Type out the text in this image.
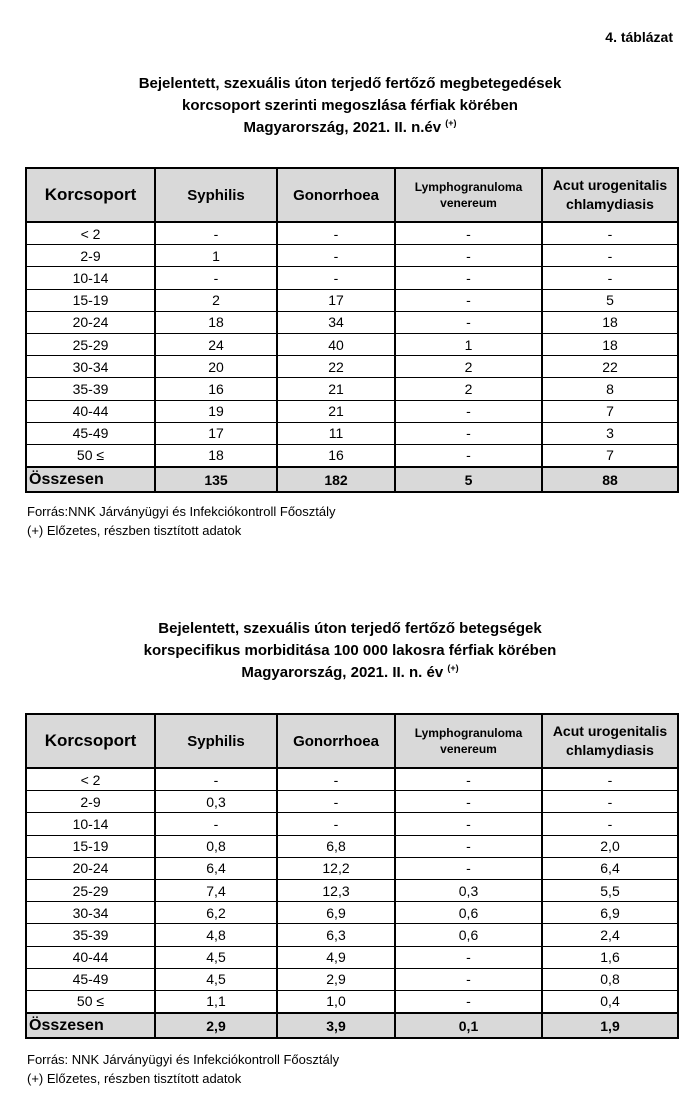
4. táblázat
Bejelentett, szexuális úton terjedő fertőző megbetegedések
korcsoport szerinti megoszlása férfiak körében
Magyarország, 2021. II. n.év (+)
Korcsoport	Syphilis	Gonorrhoea	Lymphogranuloma
venereum	Acut urogenitalis
chlamydiasis
< 2	-	-	-	-
2-9	1	-	-	-
10-14	-	-	-	-
15-19	2	17	-	5
20-24	18	34	-	18
25-29	24	40	1	18
30-34	20	22	2	22
35-39	16	21	2	8
40-44	19	21	-	7
45-49	17	11	-	3
50 ≤	18	16	-	7
Összesen	135	182	5	88
Forrás:NNK Járványügyi és Infekciókontroll Főosztály
(+) Előzetes, részben tisztított adatok
Bejelentett, szexuális úton terjedő fertőző betegségek
korspecifikus morbiditása 100 000 lakosra férfiak körében
Magyarország, 2021. II. n. év (+)
Korcsoport	Syphilis	Gonorrhoea	Lymphogranuloma
venereum	Acut urogenitalis
chlamydiasis
< 2	-	-	-	-
2-9	0,3	-	-	-
10-14	-	-	-	-
15-19	0,8	6,8	-	2,0
20-24	6,4	12,2	-	6,4
25-29	7,4	12,3	0,3	5,5
30-34	6,2	6,9	0,6	6,9
35-39	4,8	6,3	0,6	2,4
40-44	4,5	4,9	-	1,6
45-49	4,5	2,9	-	0,8
50 ≤	1,1	1,0	-	0,4
Összesen	2,9	3,9	0,1	1,9
Forrás: NNK Járványügyi és Infekciókontroll Főosztály
(+) Előzetes, részben tisztított adatok
